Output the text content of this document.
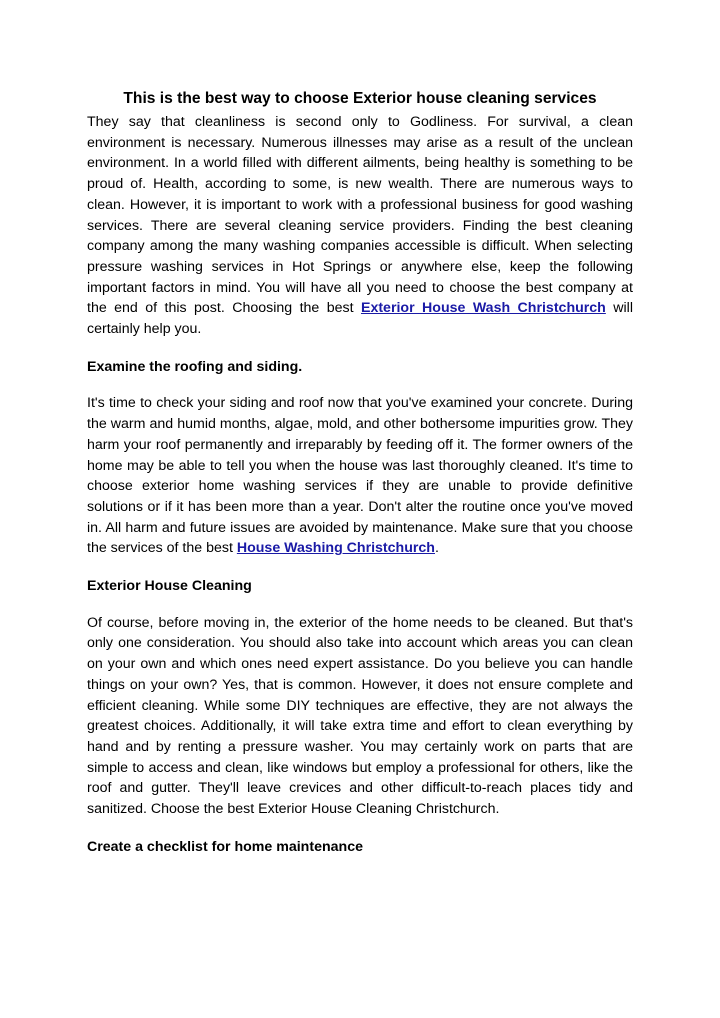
This is the best way to choose Exterior house cleaning services

They say that cleanliness is second only to Godliness. For survival, a clean environment is necessary. Numerous illnesses may arise as a result of the unclean environment. In a world filled with different ailments, being healthy is something to be proud of. Health, according to some, is new wealth. There are numerous ways to clean. However, it is important to work with a professional business for good washing services. There are several cleaning service providers. Finding the best cleaning company among the many washing companies accessible is difficult. When selecting pressure washing services in Hot Springs or anywhere else, keep the following important factors in mind. You will have all you need to choose the best company at the end of this post. Choosing the best Exterior House Wash Christchurch will certainly help you.

Examine the roofing and siding.

It's time to check your siding and roof now that you've examined your concrete. During the warm and humid months, algae, mold, and other bothersome impurities grow. They harm your roof permanently and irreparably by feeding off it. The former owners of the home may be able to tell you when the house was last thoroughly cleaned. It's time to choose exterior home washing services if they are unable to provide definitive solutions or if it has been more than a year. Don't alter the routine once you've moved in. All harm and future issues are avoided by maintenance. Make sure that you choose the services of the best House Washing Christchurch.

Exterior House Cleaning

Of course, before moving in, the exterior of the home needs to be cleaned. But that's only one consideration. You should also take into account which areas you can clean on your own and which ones need expert assistance. Do you believe you can handle things on your own? Yes, that is common. However, it does not ensure complete and efficient cleaning. While some DIY techniques are effective, they are not always the greatest choices. Additionally, it will take extra time and effort to clean everything by hand and by renting a pressure washer. You may certainly work on parts that are simple to access and clean, like windows but employ a professional for others, like the roof and gutter. They'll leave crevices and other difficult-to-reach places tidy and sanitized. Choose the best Exterior House Cleaning Christchurch.

Create a checklist for home maintenance
